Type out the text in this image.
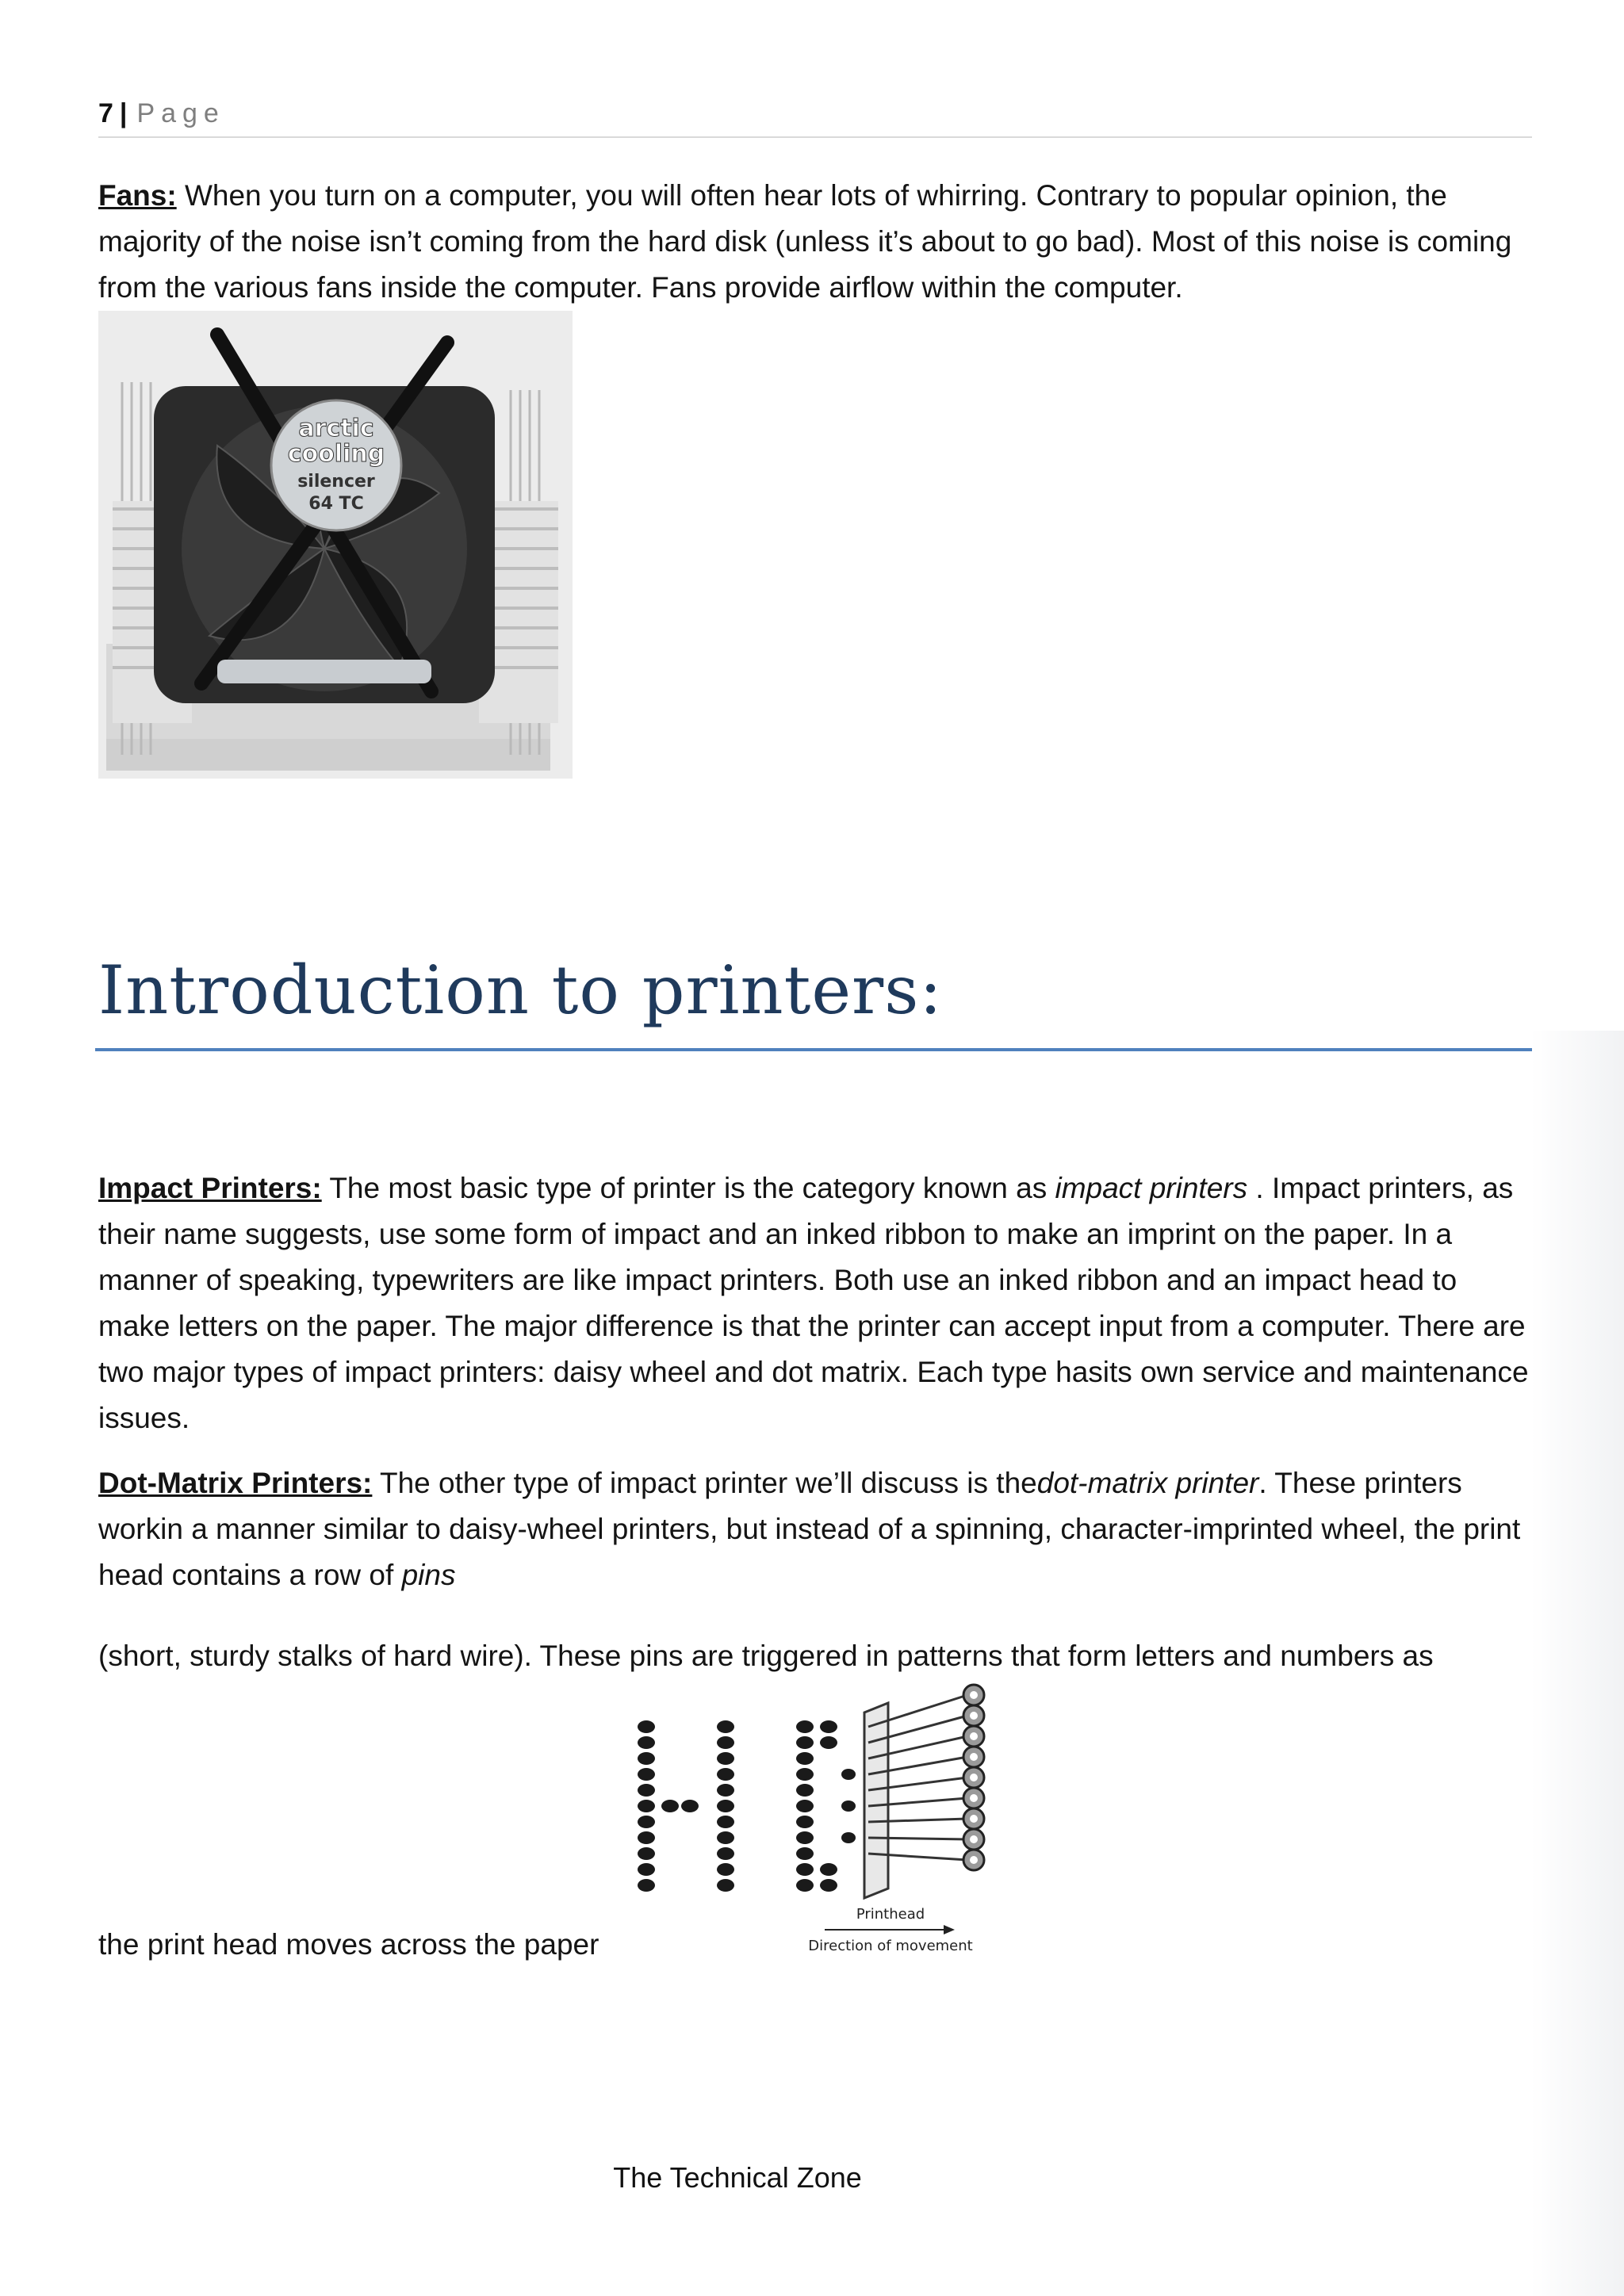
7 | Page

Fans: When you turn on a computer, you will often hear lots of whirring. Contrary to popular opinion, the majority of the noise isn’t coming from the hard disk (unless it’s about to go bad). Most of this noise is coming from the various fans inside the computer. Fans provide airflow within the computer.

arctic
cooling
silencer
64 TC
Introduction to printers:

Impact Printers: The most basic type of printer is the category known as impact printers . Impact printers, as their name suggests, use some form of impact and an inked ribbon to make an imprint on the paper. In a manner of speaking, typewriters are like impact printers. Both use an inked ribbon and an impact head to make letters on the paper. The major difference is that the printer can accept input from a computer. There are two major types of impact printers: daisy wheel and dot matrix. Each type hasits own service and maintenance issues.

Dot-Matrix Printers: The other type of impact printer we’ll discuss is thedot-matrix printer. These printers workin a manner similar to daisy-wheel printers, but instead of a spinning, character-imprinted wheel, the print head contains a row of pins

(short, sturdy stalks of hard wire). These pins are triggered in patterns that form letters and numbers as

the print head moves across the paper

Printhead
Direction of movement
The Technical Zone
